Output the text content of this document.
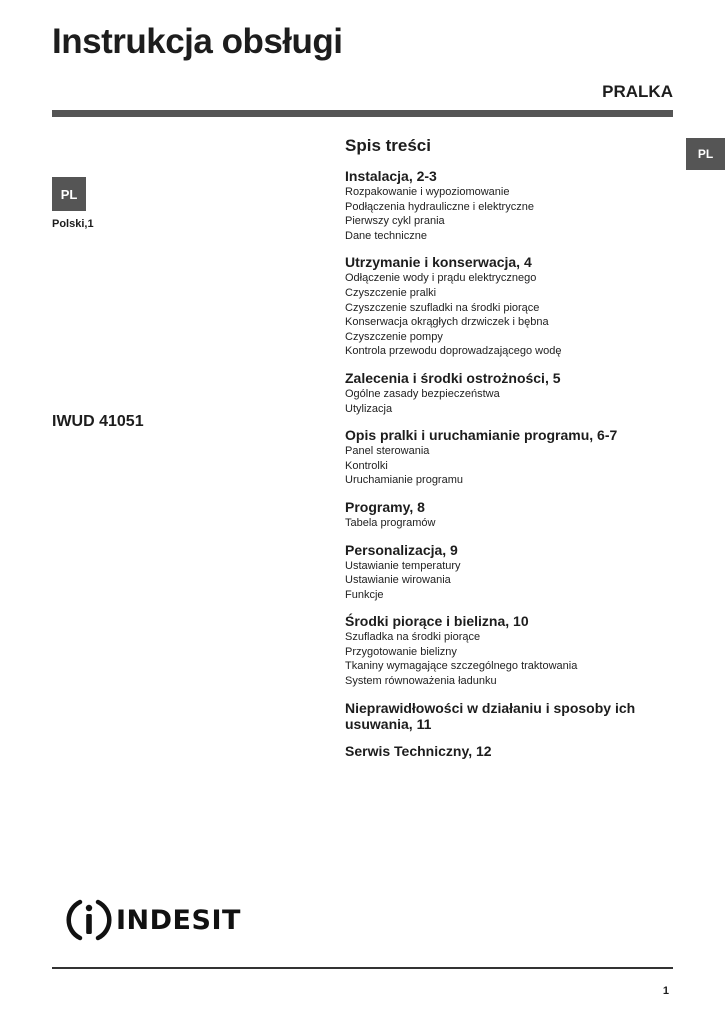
Instrukcja obsługi
PRALKA
PL
PL
Polski,1
IWUD 41051
Spis treści
Instalacja, 2-3
Rozpakowanie i wypoziomowanie
Podłączenia hydrauliczne i elektryczne
Pierwszy cykl prania
Dane techniczne
Utrzymanie i konserwacja, 4
Odłączenie wody i prądu elektrycznego
Czyszczenie pralki
Czyszczenie szufladki na środki piorące
Konserwacja okrągłych drzwiczek i bębna
Czyszczenie pompy
Kontrola przewodu doprowadzającego wodę
Zalecenia i środki ostrożności, 5
Ogólne zasady bezpieczeństwa
Utylizacja
Opis pralki i uruchamianie programu, 6-7
Panel sterowania
Kontrolki
Uruchamianie programu
Programy, 8
Tabela programów
Personalizacja, 9
Ustawianie temperatury
Ustawianie wirowania
Funkcje
Środki piorące i bielizna, 10
Szufladka na środki piorące
Przygotowanie bielizny
Tkaniny wymagające szczególnego traktowania
System równoważenia ładunku
Nieprawidłowości w działaniu i sposoby ich usuwania, 11
Serwis Techniczny, 12
INDESIT
1
